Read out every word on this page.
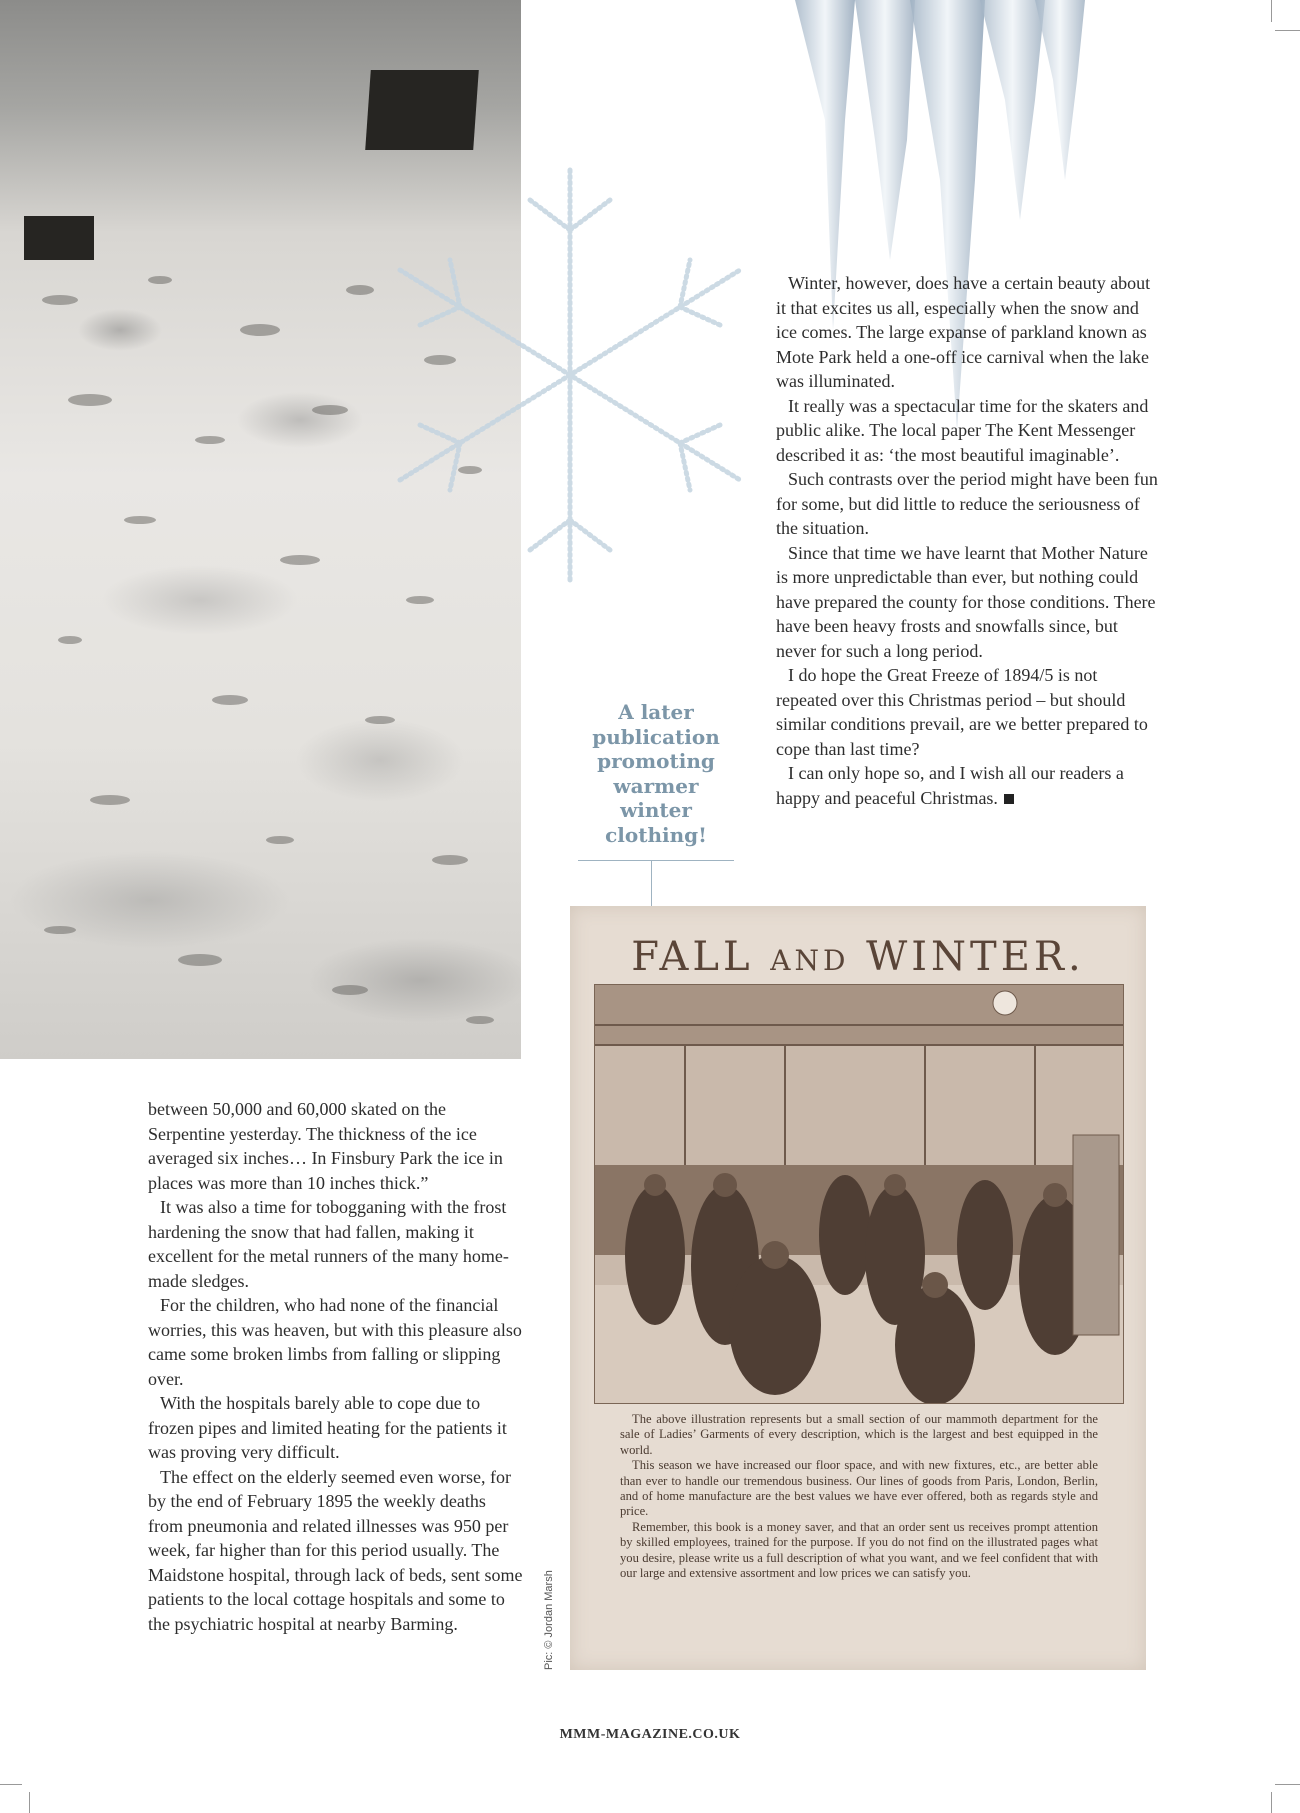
Winter, however, does have a certain beauty about it that excites us all, especially when the snow and ice comes. The large expanse of parkland known as Mote Park held a one-off ice carnival when the lake was illuminated.

It really was a spectacular time for the skaters and public alike. The local paper The Kent Messenger described it as: ‘the most beautiful imaginable’.

Such contrasts over the period might have been fun for some, but did little to reduce the seriousness of the situation.

Since that time we have learnt that Mother Nature is more unpredictable than ever, but nothing could have prepared the county for those conditions. There have been heavy frosts and snowfalls since, but never for such a long period.

I do hope the Great Freeze of 1894/5 is not repeated over this Christmas period – but should similar conditions prevail, are we better prepared to cope than last time?

I can only hope so, and I wish all our readers a happy and peaceful Christmas.

A later publication promoting warmer winter clothing!

between 50,000 and 60,000 skated on the Serpentine yesterday. The thickness of the ice averaged six inches… In Finsbury Park the ice in places was more than 10 inches thick.”

It was also a time for tobogganing with the frost hardening the snow that had fallen, making it excellent for the metal runners of the many home-made sledges.

For the children, who had none of the financial worries, this was heaven, but with this pleasure also came some broken limbs from falling or slipping over.

With the hospitals barely able to cope due to frozen pipes and limited heating for the patients it was proving very difficult.

The effect on the elderly seemed even worse, for by the end of February 1895 the weekly deaths from pneumonia and related illnesses was 950 per week, far higher than for this period usually. The Maidstone hospital, through lack of beds, sent some patients to the local cottage hospitals and some to the psychiatric hospital at nearby Barming.

FALL AND WINTER.

The above illustration represents but a small section of our mammoth department for the sale of Ladies’ Garments of every description, which is the largest and best equipped in the world.

This season we have increased our floor space, and with new fixtures, etc., are better able than ever to handle our tremendous business. Our lines of goods from Paris, London, Berlin, and of home manufacture are the best values we have ever offered, both as regards style and price.

Remember, this book is a money saver, and that an order sent us receives prompt attention by skilled employees, trained for the purpose. If you do not find on the illustrated pages what you desire, please write us a full description of what you want, and we feel confident that with our large and extensive assortment and low prices we can satisfy you.

Pic: © Jordan Marsh
MMM-MAGAZINE.CO.UK
